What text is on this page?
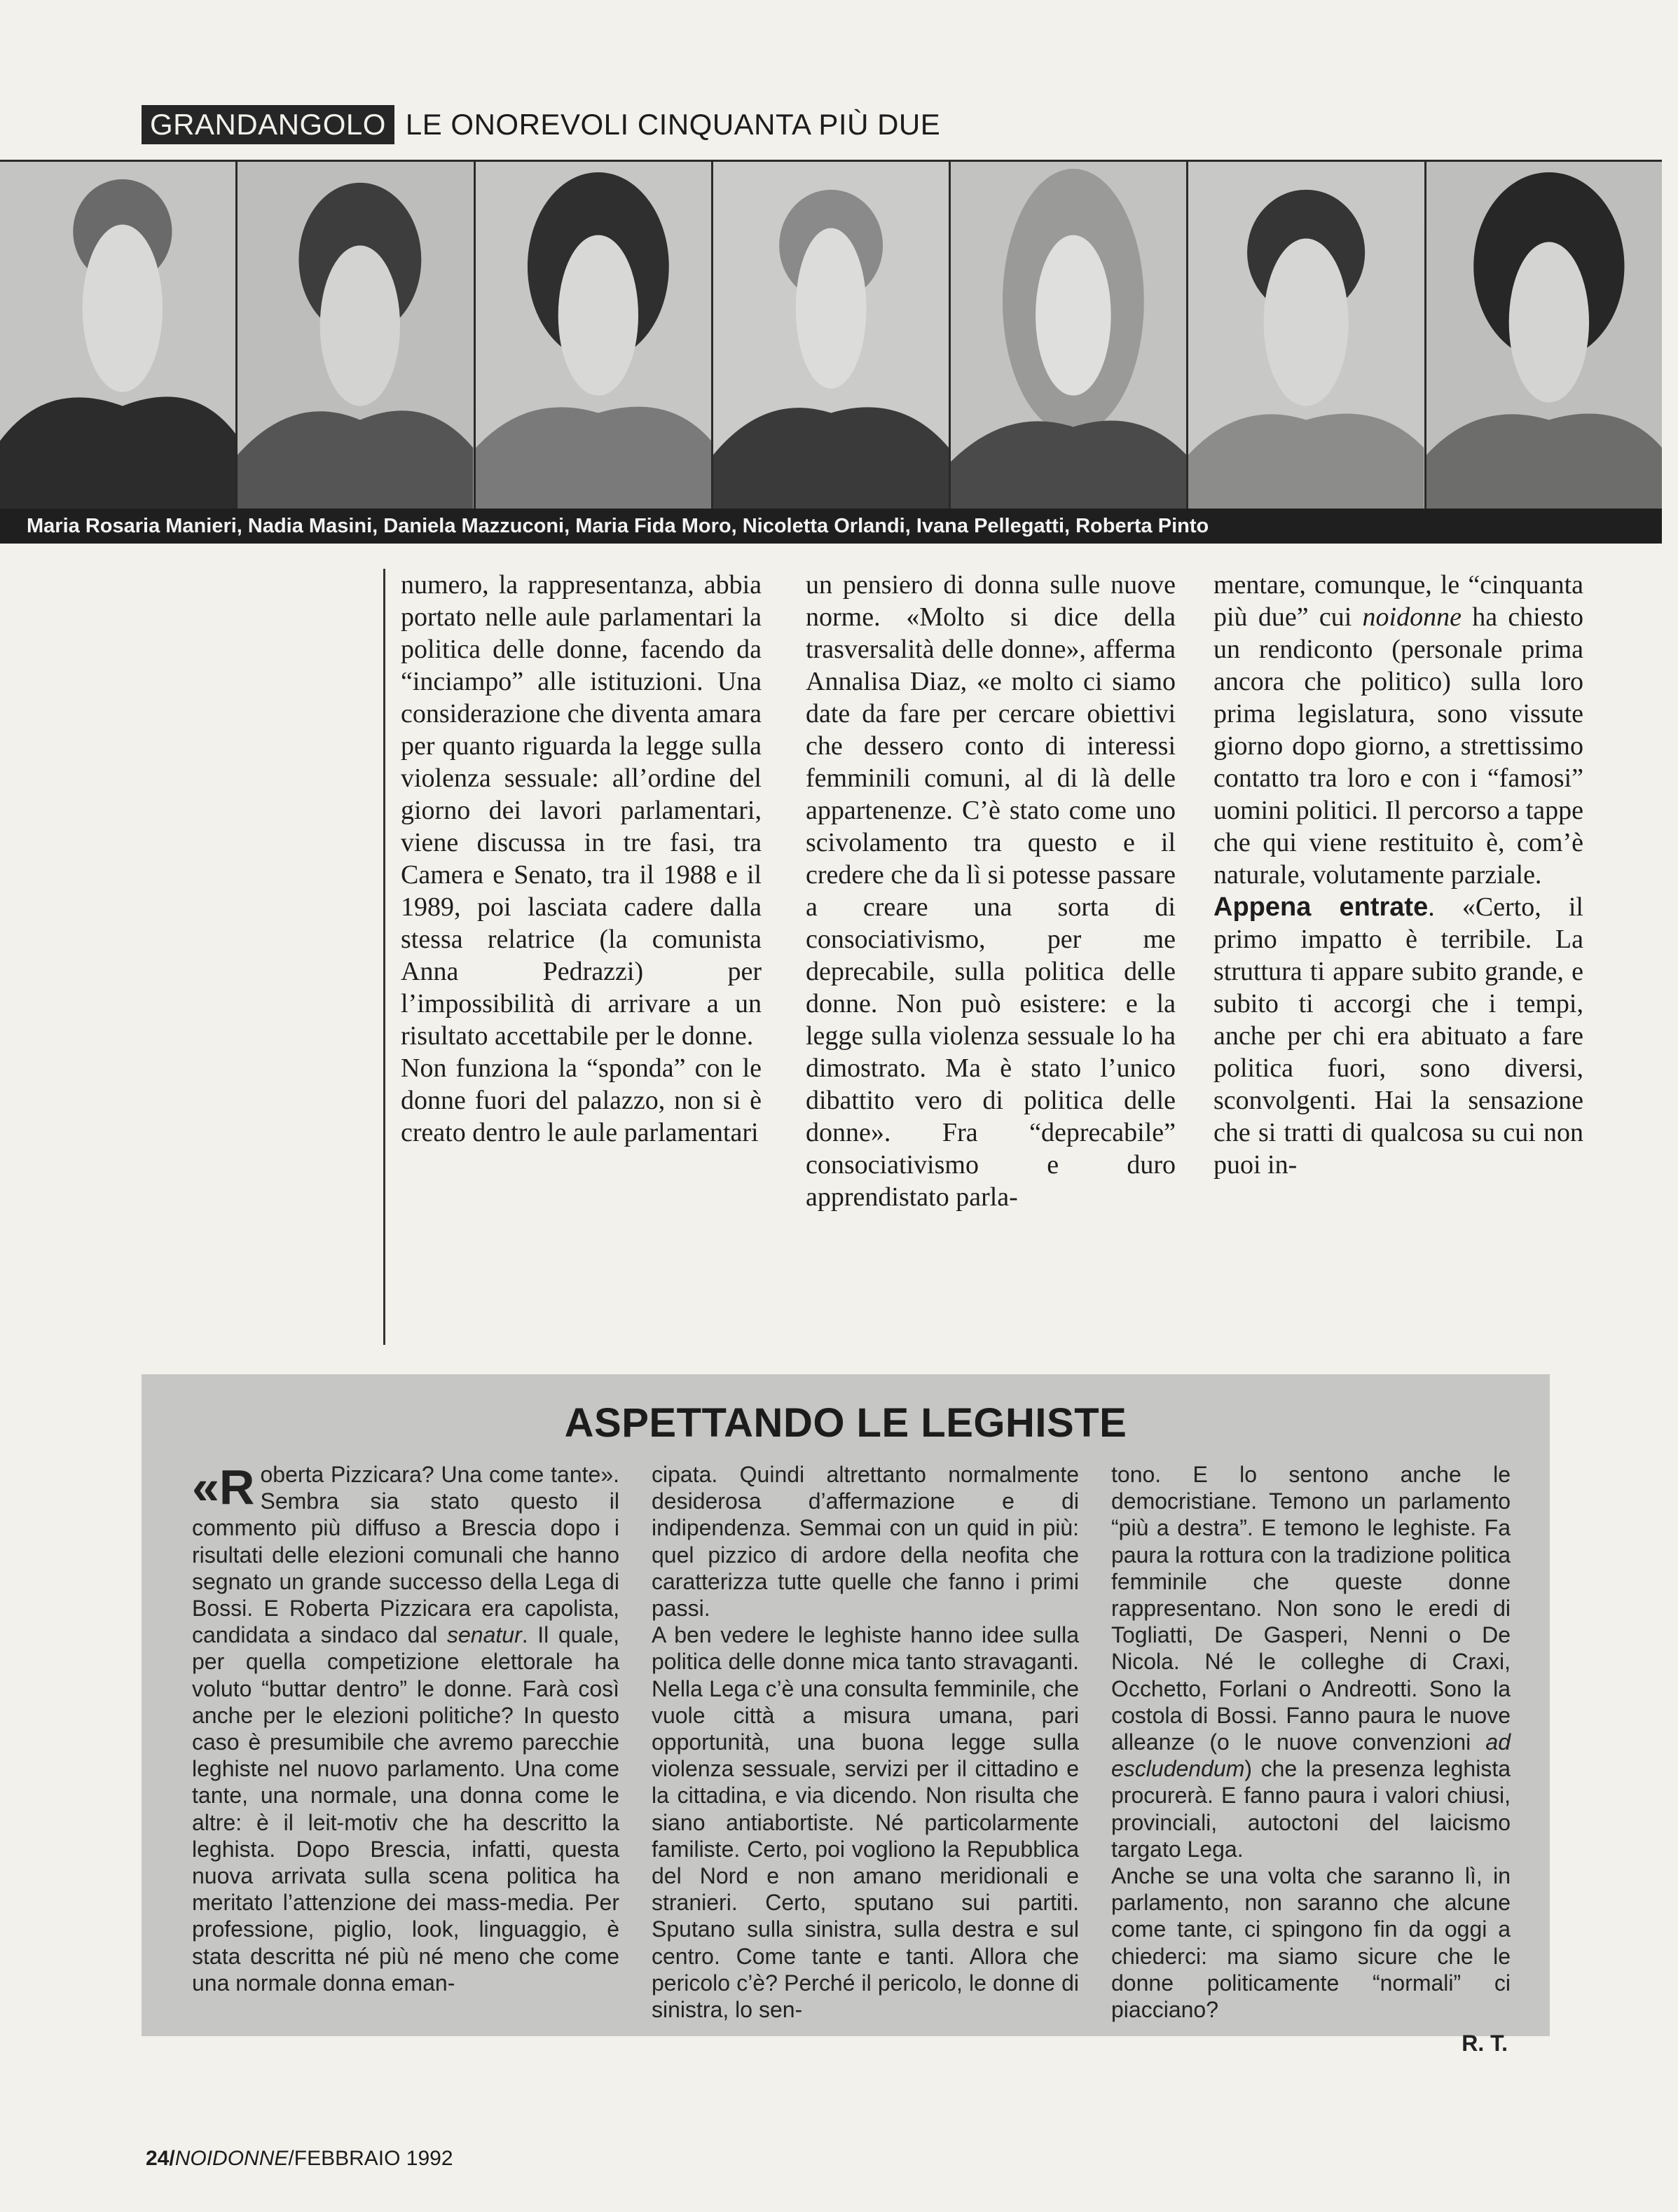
GRANDANGOLO LE ONOREVOLI CINQUANTA PIÙ DUE
Maria Rosaria Manieri, Nadia Masini, Daniela Mazzuconi, Maria Fida Moro, Nicoletta Orlandi, Ivana Pellegatti, Roberta Pinto

numero, la rappresentanza, abbia portato nelle aule parlamentari la politica delle donne, facendo da “inciampo” alle istituzioni. Una considerazione che diventa amara per quanto riguarda la legge sulla violenza sessuale: all’ordine del giorno dei lavori parlamentari, viene discussa in tre fasi, tra Camera e Senato, tra il 1988 e il 1989, poi lasciata cadere dalla stessa relatrice (la comunista Anna Pedrazzi) per l’impossibilità di arrivare a un risultato accettabile per le donne.

Non funziona la “sponda” con le donne fuori del palazzo, non si è creato dentro le aule parlamentari

un pensiero di donna sulle nuove norme. «Molto si dice della trasversalità delle donne», afferma Annalisa Diaz, «e molto ci siamo date da fare per cercare obiettivi che dessero conto di interessi femminili comuni, al di là delle appartenenze. C’è stato come uno scivolamento tra questo e il credere che da lì si potesse passare a creare una sorta di consociativismo, per me deprecabile, sulla politica delle donne. Non può esistere: e la legge sulla violenza sessuale lo ha dimostrato. Ma è stato l’unico dibattito vero di politica delle donne». Fra “deprecabile” consociativismo e duro apprendistato parla-

mentare, comunque, le “cinquanta più due” cui noidonne ha chiesto un rendiconto (personale prima ancora che politico) sulla loro prima legislatura, sono vissute giorno dopo giorno, a strettissimo contatto tra loro e con i “famosi” uomini politici. Il percorso a tappe che qui viene restituito è, com’è naturale, volutamente parziale.

Appena entrate. «Certo, il primo impatto è terribile. La struttura ti appare subito grande, e subito ti accorgi che i tempi, anche per chi era abituato a fare politica fuori, sono diversi, sconvolgenti. Hai la sensazione che si tratti di qualcosa su cui non puoi in-

ASPETTANDO LE LEGHISTE

«Roberta Pizzicara? Una come tante». Sembra sia stato questo il commento più diffuso a Brescia dopo i risultati delle elezioni comunali che hanno segnato un grande successo della Lega di Bossi. E Roberta Pizzicara era capolista, candidata a sindaco dal senatur. Il quale, per quella competizione elettorale ha voluto “buttar dentro” le donne. Farà così anche per le elezioni politiche? In questo caso è presumibile che avremo parecchie leghiste nel nuovo parlamento. Una come tante, una normale, una donna come le altre: è il leit-motiv che ha descritto la leghista. Dopo Brescia, infatti, questa nuova arrivata sulla scena politica ha meritato l’attenzione dei mass-media. Per professione, piglio, look, linguaggio, è stata descritta né più né meno che come una normale donna eman-

cipata. Quindi altrettanto normalmente desiderosa d’affermazione e di indipendenza. Semmai con un quid in più: quel pizzico di ardore della neofita che caratterizza tutte quelle che fanno i primi passi.

A ben vedere le leghiste hanno idee sulla politica delle donne mica tanto stravaganti. Nella Lega c’è una consulta femminile, che vuole città a misura umana, pari opportunità, una buona legge sulla violenza sessuale, servizi per il cittadino e la cittadina, e via dicendo. Non risulta che siano antiabortiste. Né particolarmente familiste. Certo, poi vogliono la Repubblica del Nord e non amano meridionali e stranieri. Certo, sputano sui partiti. Sputano sulla sinistra, sulla destra e sul centro. Come tante e tanti. Allora che pericolo c’è? Perché il pericolo, le donne di sinistra, lo sen-

tono. E lo sentono anche le democristiane. Temono un parlamento “più a destra”. E temono le leghiste. Fa paura la rottura con la tradizione politica femminile che queste donne rappresentano. Non sono le eredi di Togliatti, De Gasperi, Nenni o De Nicola. Né le colleghe di Craxi, Occhetto, Forlani o Andreotti. Sono la costola di Bossi. Fanno paura le nuove alleanze (o le nuove convenzioni ad escludendum) che la presenza leghista procurerà. E fanno paura i valori chiusi, provinciali, autoctoni del laicismo targato Lega.

Anche se una volta che saranno lì, in parlamento, non saranno che alcune come tante, ci spingono fin da oggi a chiederci: ma siamo sicure che le donne politicamente “normali” ci piacciano?

R. T.
24/NOIDONNE/FEBBRAIO 1992
